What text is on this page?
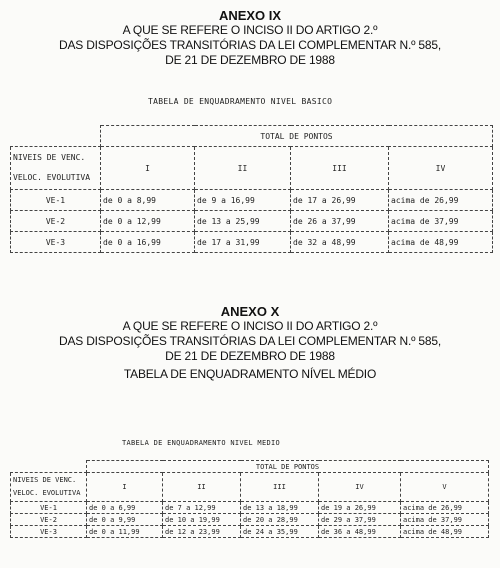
ANEXO IX
A QUE SE REFERE O INCISO II DO ARTIGO 2.º
DAS DISPOSIÇÕES TRANSITÓRIAS DA LEI COMPLEMENTAR N.º 585,
DE 21 DE DEZEMBRO DE 1988
TABELA DE ENQUADRAMENTO NIVEL BASICO
	TOTAL DE PONTOS			
NIVEIS DE VENC.
VELOC. EVOLUTIVA	I	II	III	IV
VE-1	de 0 a 8,99	de 9 a 16,99	de 17 a 26,99	acima de 26,99
VE-2	de 0 a 12,99	de 13 a 25,99	de 26 a 37,99	acima de 37,99
VE-3	de 0 a 16,99	de 17 a 31,99	de 32 a 48,99	acima de 48,99
ANEXO X
A QUE SE REFERE O INCISO II DO ARTIGO 2.º
DAS DISPOSIÇÕES TRANSITÓRIAS DA LEI COMPLEMENTAR N.º 585,
DE 21 DE DEZEMBRO DE 1988
TABELA DE ENQUADRAMENTO NÍVEL MÉDIO
TABELA DE ENQUADRAMENTO NIVEL MEDIO
	TOTAL DE PONTOS				
NIVEIS DE VENC.
VELOC. EVOLUTIVA	I	II	III	IV	V
VE-1	de 0 a 6,99	de 7 a 12,99	de 13 a 18,99	de 19 a 26,99	acima de 26,99
VE-2	de 0 a 9,99	de 10 a 19,99	de 20 a 28,99	de 29 a 37,99	acima de 37,99
VE-3	de 0 a 11,99	de 12 a 23,99	de 24 a 35,99	de 36 a 48,99	acima de 48,99
